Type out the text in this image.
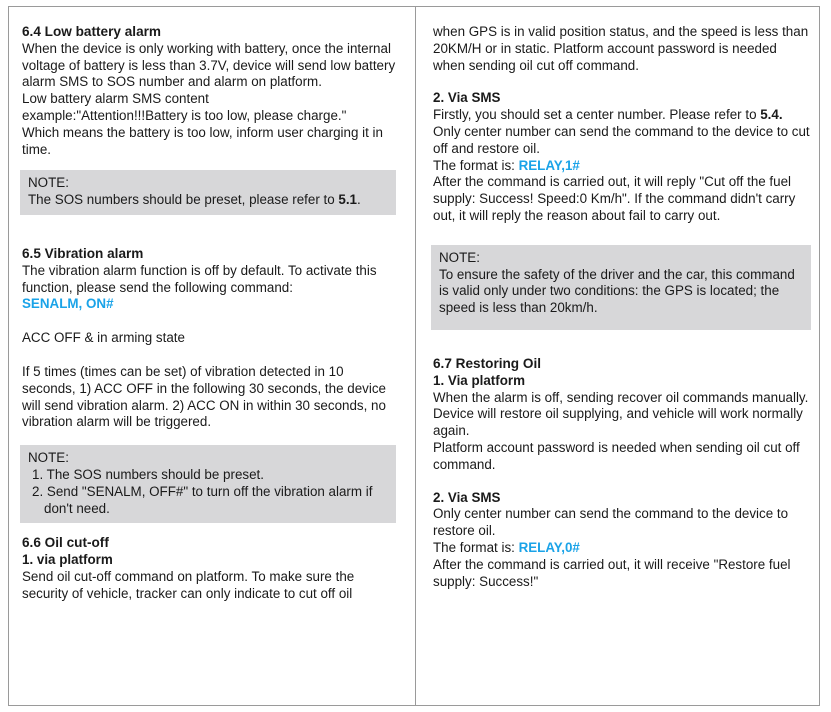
6.4 Low battery alarm

When the device is only working with battery, once the internal voltage of battery is less than 3.7V, device will send low battery alarm SMS to SOS number and alarm on platform.

Low battery alarm SMS content

example:"Attention!!!Battery is too low, please charge."

Which means the battery is too low, inform user charging it in time.

NOTE:

The SOS numbers should be preset, please refer to 5.1.

6.5 Vibration alarm

The vibration alarm function is off by default. To activate this function, please send the following command:

SENALM, ON#

ACC OFF & in arming state

If 5 times (times can be set) of vibration detected in 10 seconds, 1) ACC OFF in the following 30 seconds, the device will send vibration alarm. 2) ACC ON in within 30 seconds, no vibration alarm will be triggered.

NOTE:

1. The SOS numbers should be preset.
2. Send "SENALM, OFF#" to turn off the vibration alarm if don't need.

6.6 Oil cut-off

1. via platform

Send oil cut-off command on platform. To make sure the security of vehicle, tracker can only indicate to cut off oil

when GPS is in valid position status, and the speed is less than 20KM/H or in static. Platform account password is needed when sending oil cut off command.

2. Via SMS

Firstly, you should set a center number. Please refer to 5.4.

Only center number can send the command to the device to cut off and restore oil.

The format is: RELAY,1#

After the command is carried out, it will reply "Cut off the fuel supply: Success! Speed:0 Km/h". If the command didn't carry out, it will reply the reason about fail to carry out.

NOTE:

To ensure the safety of the driver and the car, this command is valid only under two conditions: the GPS is located; the speed is less than 20km/h.

6.7 Restoring Oil

1. Via platform

When the alarm is off, sending recover oil commands manually. Device will restore oil supplying, and vehicle will work normally again.

Platform account password is needed when sending oil cut off command.

2. Via SMS

Only center number can send the command to the device to restore oil.

The format is: RELAY,0#

After the command is carried out, it will receive "Restore fuel supply: Success!"
